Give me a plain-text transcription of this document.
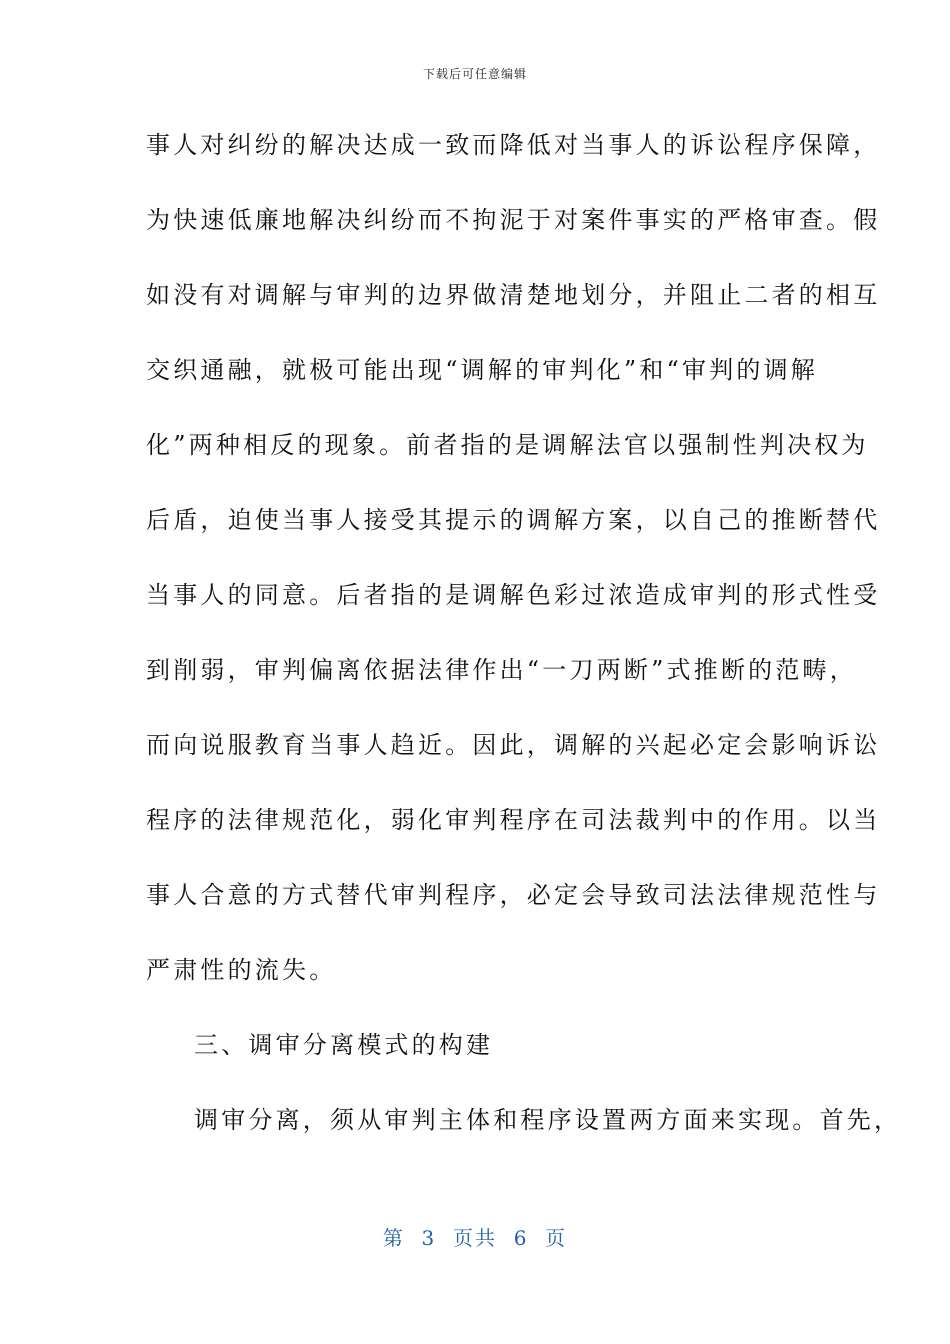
下载后可任意编辑
事人对纠纷的解决达成一致而降低对当事人的诉讼程序保障，
为快速低廉地解决纠纷而不拘泥于对案件事实的严格审查。假
如没有对调解与审判的边界做清楚地划分，并阻止二者的相互
交织通融，就极可能出现“调解的审判化”和“审判的调解
化”两种相反的现象。前者指的是调解法官以强制性判决权为
后盾，迫使当事人接受其提示的调解方案，以自己的推断替代
当事人的同意。后者指的是调解色彩过浓造成审判的形式性受
到削弱，审判偏离依据法律作出“一刀两断”式推断的范畴，
而向说服教育当事人趋近。因此，调解的兴起必定会影响诉讼
程序的法律规范化，弱化审判程序在司法裁判中的作用。以当
事人合意的方式替代审判程序，必定会导致司法法律规范性与
严肃性的流失。
三、调审分离模式的构建
调审分离，须从审判主体和程序设置两方面来实现。首先，
第  3  页共  6  页
